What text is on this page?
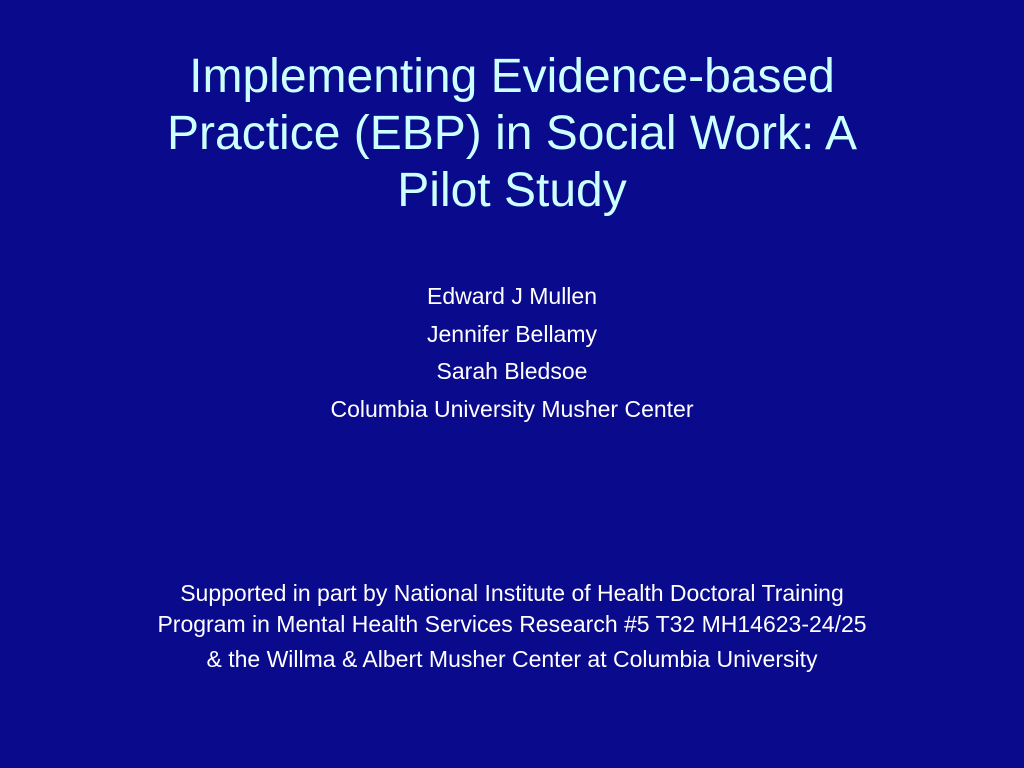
Implementing Evidence-based
Practice (EBP) in Social Work: A
Pilot Study
Edward J Mullen
Jennifer Bellamy
Sarah Bledsoe
Columbia University Musher Center
Supported in part by National Institute of Health Doctoral Training
Program in Mental Health Services Research #5 T32 MH14623-24/25
& the Willma & Albert Musher Center at Columbia University
